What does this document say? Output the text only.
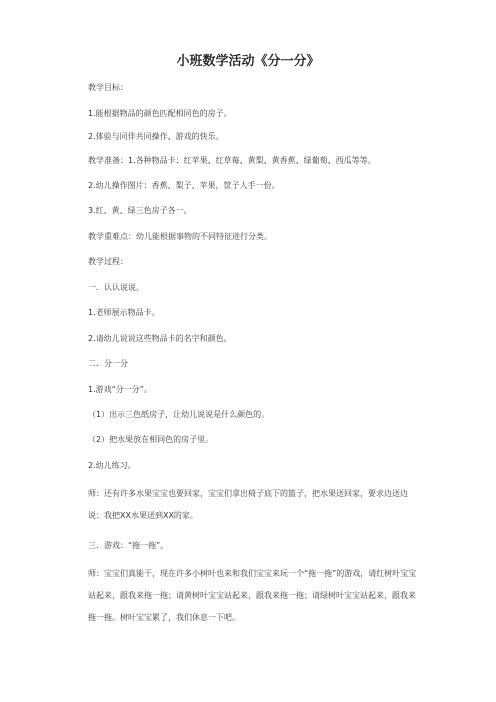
小班数学活动《分一分》
教学目标：
1.能根据物品的颜色匹配相同色的房子。
2.体验与同伴共同操作、游戏的快乐。
教学准备：1.各种物品卡：红苹果、红草莓、黄梨、黄香蕉、绿葡萄、西瓜等等。
2.幼儿操作图片：香蕉、梨子、苹果，筐子人手一份。
3.红、黄、绿三色房子各一。
教学重难点：幼儿能根据事物的不同特征进行分类。
教学过程：
一．认认说说。
1.老师展示物品卡。
2.请幼儿说说这些物品卡的名字和颜色。
二．分一分
1.游戏“分一分”。
（1）出示三色纸房子，让幼儿说说是什么颜色的。
（2）把水果放在相同色的房子里。
2.幼儿练习。
师：还有许多水果宝宝也要回家，宝宝们拿出椅子底下的篮子，把水果送回家，要求边送边说：我把XX水果送到XX的家。
三．游戏：“拖一拖”。
师：宝宝们真能干，现在许多小树叶也来和我们宝宝来玩一个“拖一拖”的游戏，请红树叶宝宝站起来，跟我来拖一拖；请黄树叶宝宝站起来，跟我来拖一拖；请绿树叶宝宝站起来，跟我来拖一拖。树叶宝宝累了，我们休息一下吧。
